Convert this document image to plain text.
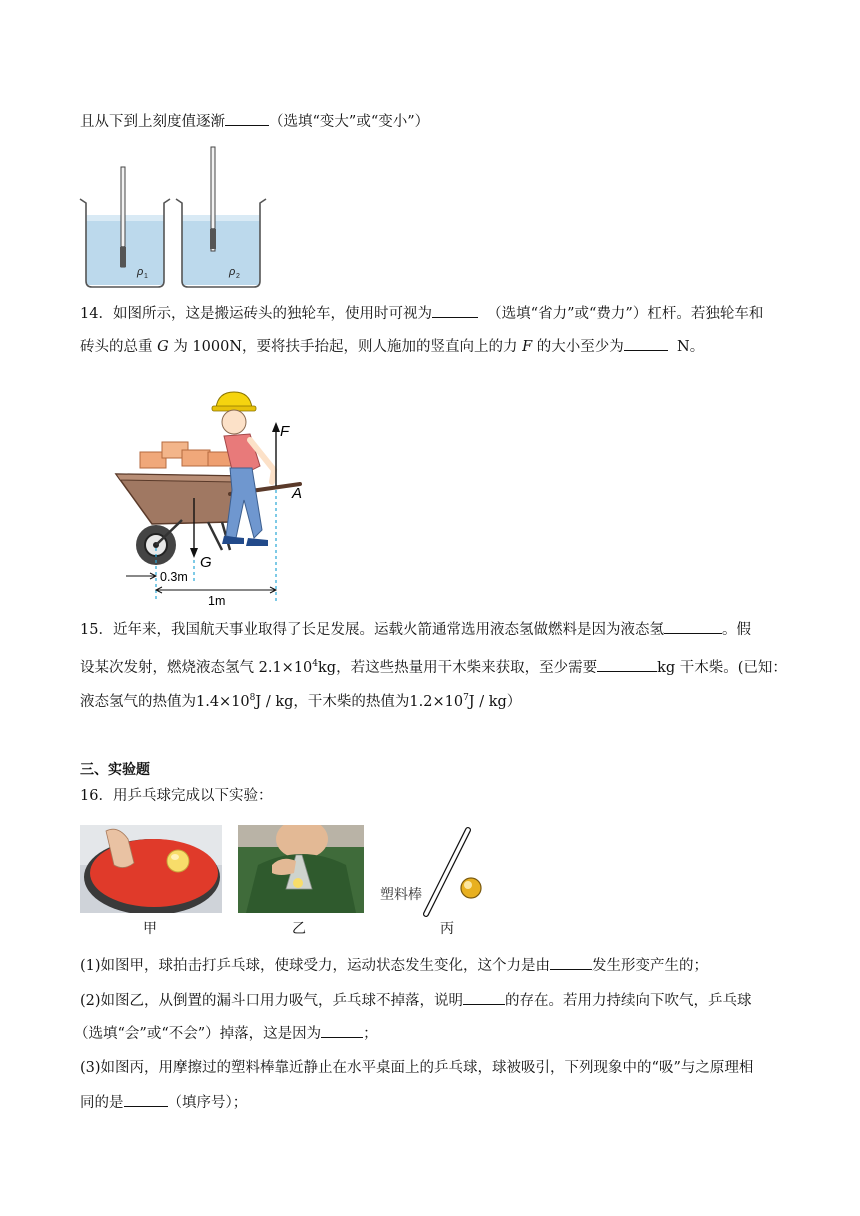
且从下到上刻度值逐渐	（选填“变大”或“变小”）
ρ 1	ρ 2
14．如图所示，这是搬运砖头的独轮车，使用时可视为	（选填“省力”或“费力”）杠杆。若独轮车和
砖头的总重 G 为 1000N，要将扶手抬起，则人施加的竖直向上的力 F 的大小至少为	N。
F
A
G
0.3m
1m
15．近年来，我国航天事业取得了长足发展。运载火箭通常选用液态氢做燃料是因为液态氢	。假
设某次发射，燃烧液态氢气 $2.1\times 10^4kg$，若这些热量用干木柴来获取，至少需要	kg 干木柴。(已知：
液态氢气的热值为$1.4\times 10^8J$ / kg，干木柴的热值为$1.2\times 10^7J / kg$）
三、实验题
16．用乒乓球完成以下实验：
甲	乙
塑料棒
丙
(1)如图甲，球拍击打乒乓球，使球受力，运动状态发生变化，这个力是由	发生形变产生的；
(2)如图乙，从倒置的漏斗口用力吸气，乒乓球不掉落，说明	的存在。若用力持续向下吹气，乒乓球
（选填“会”或“不会”）掉落，这是因为	；
(3)如图丙，用摩擦过的塑料棒靠近静止在水平桌面上的乒乓球，球被吸引，下列现象中的“吸”与之原理相
同的是	（填序号）；
